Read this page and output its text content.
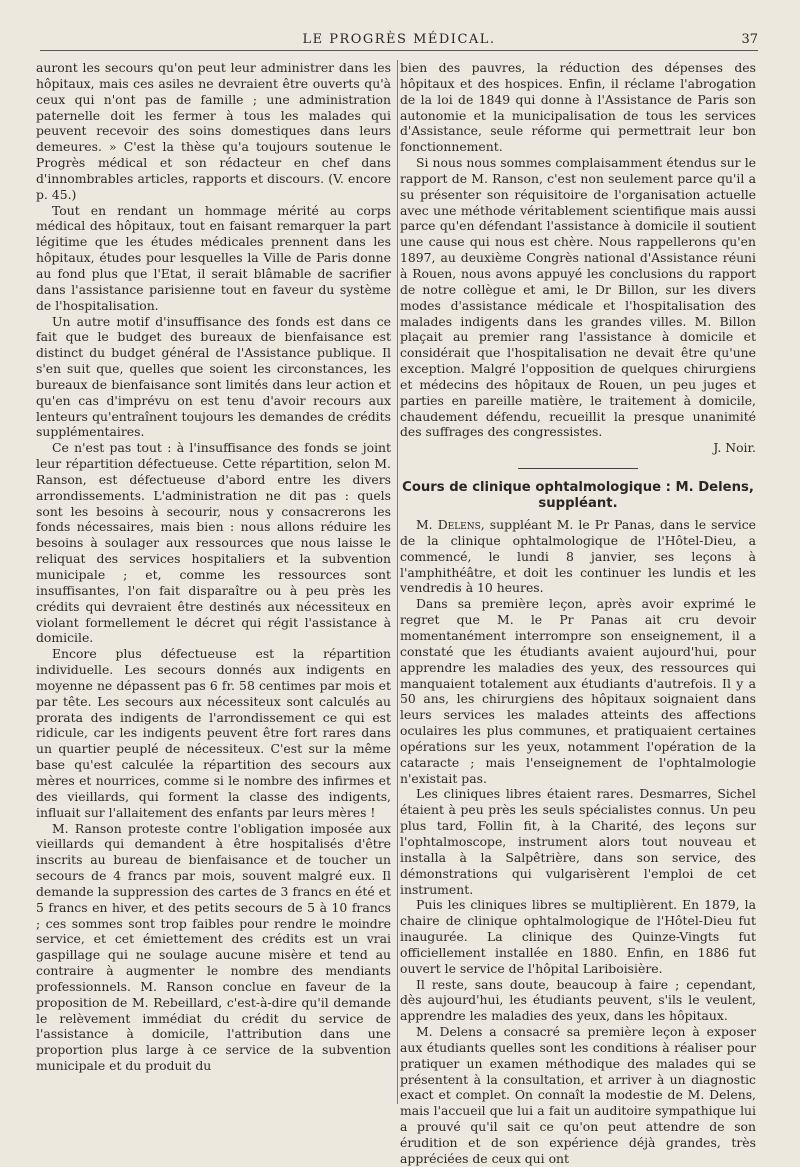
LE PROGRÈS MÉDICAL.	37

auront les secours qu'on peut leur administrer dans les hôpitaux, mais ces asiles ne devraient être ouverts qu'à ceux qui n'ont pas de famille ; une administration paternelle doit les fermer à tous les malades qui peuvent recevoir des soins domestiques dans leurs demeures. » C'est la thèse qu'a toujours soutenue le Progrès médical et son rédacteur en chef dans d'innombrables articles, rapports et discours. (V. encore p. 45.)

Tout en rendant un hommage mérité au corps médical des hôpitaux, tout en faisant remarquer la part légitime que les études médicales prennent dans les hôpitaux, études pour lesquelles la Ville de Paris donne au fond plus que l'Etat, il serait blâmable de sacrifier dans l'assistance parisienne tout en faveur du système de l'hospitalisation.

Un autre motif d'insuffisance des fonds est dans ce fait que le budget des bureaux de bienfaisance est distinct du budget général de l'Assistance publique. Il s'en suit que, quelles que soient les circonstances, les bureaux de bienfaisance sont limités dans leur action et qu'en cas d'imprévu on est tenu d'avoir recours aux lenteurs qu'entraînent toujours les demandes de crédits supplémentaires.

Ce n'est pas tout : à l'insuffisance des fonds se joint leur répartition défectueuse. Cette répartition, selon M. Ranson, est défectueuse d'abord entre les divers arrondissements. L'administration ne dit pas : quels sont les besoins à secourir, nous y consacrerons les fonds nécessaires, mais bien : nous allons réduire les besoins à soulager aux ressources que nous laisse le reliquat des services hospitaliers et la subvention municipale ; et, comme les ressources sont insuffisantes, l'on fait disparaître ou à peu près les crédits qui devraient être destinés aux nécessiteux en violant formellement le décret qui régit l'assistance à domicile.

Encore plus défectueuse est la répartition individuelle. Les secours donnés aux indigents en moyenne ne dépassent pas 6 fr. 58 centimes par mois et par tête. Les secours aux nécessiteux sont calculés au prorata des indigents de l'arrondissement ce qui est ridicule, car les indigents peuvent être fort rares dans un quartier peuplé de nécessiteux. C'est sur la même base qu'est calculée la répartition des secours aux mères et nourrices, comme si le nombre des infirmes et des vieillards, qui forment la classe des indigents, influait sur l'allaitement des enfants par leurs mères !

M. Ranson proteste contre l'obligation imposée aux vieillards qui demandent à être hospitalisés d'être inscrits au bureau de bienfaisance et de toucher un secours de 4 francs par mois, souvent malgré eux. Il demande la suppression des cartes de 3 francs en été et 5 francs en hiver, et des petits secours de 5 à 10 francs ; ces sommes sont trop faibles pour rendre le moindre service, et cet émiettement des crédits est un vrai gaspillage qui ne soulage aucune misère et tend au contraire à augmenter le nombre des mendiants professionnels. M. Ranson conclue en faveur de la proposition de M. Rebeillard, c'est-à-dire qu'il demande le relèvement immédiat du crédit du service de l'assistance à domicile, l'attribution dans une proportion plus large à ce service de la subvention municipale et du produit du

bien des pauvres, la réduction des dépenses des hôpitaux et des hospices. Enfin, il réclame l'abrogation de la loi de 1849 qui donne à l'Assistance de Paris son autonomie et la municipalisation de tous les services d'Assistance, seule réforme qui permettrait leur bon fonctionnement.

Si nous nous sommes complaisamment étendus sur le rapport de M. Ranson, c'est non seulement parce qu'il a su présenter son réquisitoire de l'organisation actuelle avec une méthode véritablement scientifique mais aussi parce qu'en défendant l'assistance à domicile il soutient une cause qui nous est chère. Nous rappellerons qu'en 1897, au deuxième Congrès national d'Assistance réuni à Rouen, nous avons appuyé les conclusions du rapport de notre collègue et ami, le Dr Billon, sur les divers modes d'assistance médicale et l'hospitalisation des malades indigents dans les grandes villes. M. Billon plaçait au premier rang l'assistance à domicile et considérait que l'hospitalisation ne devait être qu'une exception. Malgré l'opposition de quelques chirurgiens et médecins des hôpitaux de Rouen, un peu juges et parties en pareille matière, le traitement à domicile, chaudement défendu, recueillit la presque unanimité des suffrages des congressistes.

J. Noir.
Cours de clinique ophtalmologique : M. Delens, suppléant.

M. Delens, suppléant M. le Pr Panas, dans le service de la clinique ophtalmologique de l'Hôtel-Dieu, a commencé, le lundi 8 janvier, ses leçons à l'amphithéâtre, et doit les continuer les lundis et les vendredis à 10 heures.

Dans sa première leçon, après avoir exprimé le regret que M. le Pr Panas ait cru devoir momentanément interrompre son enseignement, il a constaté que les étudiants avaient aujourd'hui, pour apprendre les maladies des yeux, des ressources qui manquaient totalement aux étudiants d'autrefois. Il y a 50 ans, les chirurgiens des hôpitaux soignaient dans leurs services les malades atteints des affections oculaires les plus communes, et pratiquaient certaines opérations sur les yeux, notamment l'opération de la cataracte ; mais l'enseignement de l'ophtalmologie n'existait pas.

Les cliniques libres étaient rares. Desmarres, Sichel étaient à peu près les seuls spécialistes connus. Un peu plus tard, Follin fit, à la Charité, des leçons sur l'ophtalmoscope, instrument alors tout nouveau et installa à la Salpêtrière, dans son service, des démonstrations qui vulgarisèrent l'emploi de cet instrument.

Puis les cliniques libres se multiplièrent. En 1879, la chaire de clinique ophtalmologique de l'Hôtel-Dieu fut inaugurée. La clinique des Quinze-Vingts fut officiellement installée en 1880. Enfin, en 1886 fut ouvert le service de l'hôpital Lariboisière.

Il reste, sans doute, beaucoup à faire ; cependant, dès aujourd'hui, les étudiants peuvent, s'ils le veulent, apprendre les maladies des yeux, dans les hôpitaux.

M. Delens a consacré sa première leçon à exposer aux étudiants quelles sont les conditions à réaliser pour pratiquer un examen méthodique des malades qui se présentent à la consultation, et arriver à un diagnostic exact et complet. On connaît la modestie de M. Delens, mais l'accueil que lui a fait un auditoire sympathique lui a prouvé qu'il sait ce qu'on peut attendre de son érudition et de son expérience déjà grandes, très appréciées de ceux qui ont
